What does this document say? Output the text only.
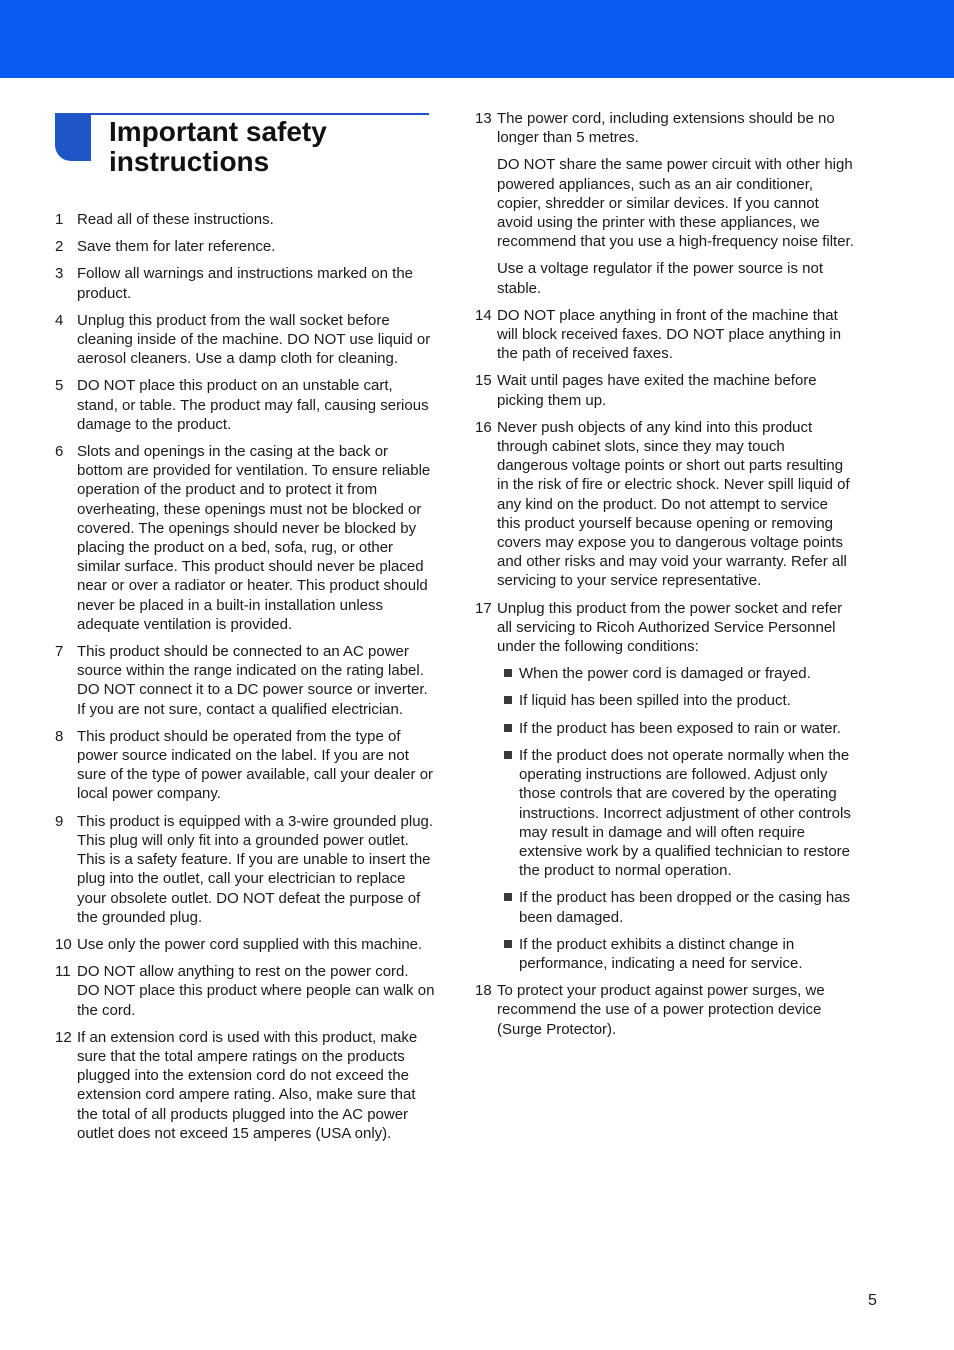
Important safety
instructions
1 Read all of these instructions.
2 Save them for later reference.
3 Follow all warnings and instructions marked on the product.
4 Unplug this product from the wall socket before cleaning inside of the machine. DO NOT use liquid or aerosol cleaners. Use a damp cloth for cleaning.
5 DO NOT place this product on an unstable cart, stand, or table. The product may fall, causing serious damage to the product.
6 Slots and openings in the casing at the back or bottom are provided for ventilation. To ensure reliable operation of the product and to protect it from overheating, these openings must not be blocked or covered. The openings should never be blocked by placing the product on a bed, sofa, rug, or other similar surface. This product should never be placed near or over a radiator or heater. This product should never be placed in a built-in installation unless adequate ventilation is provided.
7 This product should be connected to an AC power source within the range indicated on the rating label. DO NOT connect it to a DC power source or inverter. If you are not sure, contact a qualified electrician.
8 This product should be operated from the type of power source indicated on the label. If you are not sure of the type of power available, call your dealer or local power company.
9 This product is equipped with a 3-wire grounded plug. This plug will only fit into a grounded power outlet. This is a safety feature. If you are unable to insert the plug into the outlet, call your electrician to replace your obsolete outlet. DO NOT defeat the purpose of the grounded plug.
10 Use only the power cord supplied with this machine.
11 DO NOT allow anything to rest on the power cord. DO NOT place this product where people can walk on the cord.
12 If an extension cord is used with this product, make sure that the total ampere ratings on the products plugged into the extension cord do not exceed the extension cord ampere rating. Also, make sure that the total of all products plugged into the AC power outlet does not exceed 15 amperes (USA only).
13 The power cord, including extensions should be no longer than 5 metres.
DO NOT share the same power circuit with other high powered appliances, such as an air conditioner, copier, shredder or similar devices. If you cannot avoid using the printer with these appliances, we recommend that you use a high-frequency noise filter.
Use a voltage regulator if the power source is not stable.
14 DO NOT place anything in front of the machine that will block received faxes. DO NOT place anything in the path of received faxes.
15 Wait until pages have exited the machine before picking them up.
16 Never push objects of any kind into this product through cabinet slots, since they may touch dangerous voltage points or short out parts resulting in the risk of fire or electric shock. Never spill liquid of any kind on the product. Do not attempt to service this product yourself because opening or removing covers may expose you to dangerous voltage points and other risks and may void your warranty. Refer all servicing to your service representative.
17 Unplug this product from the power socket and refer all servicing to Ricoh Authorized Service Personnel under the following conditions:
When the power cord is damaged or frayed.
If liquid has been spilled into the product.
If the product has been exposed to rain or water.
If the product does not operate normally when the operating instructions are followed. Adjust only those controls that are covered by the operating instructions. Incorrect adjustment of other controls may result in damage and will often require extensive work by a qualified technician to restore the product to normal operation.
If the product has been dropped or the casing has been damaged.
If the product exhibits a distinct change in performance, indicating a need for service.
18 To protect your product against power surges, we recommend the use of a power protection device (Surge Protector).
5
